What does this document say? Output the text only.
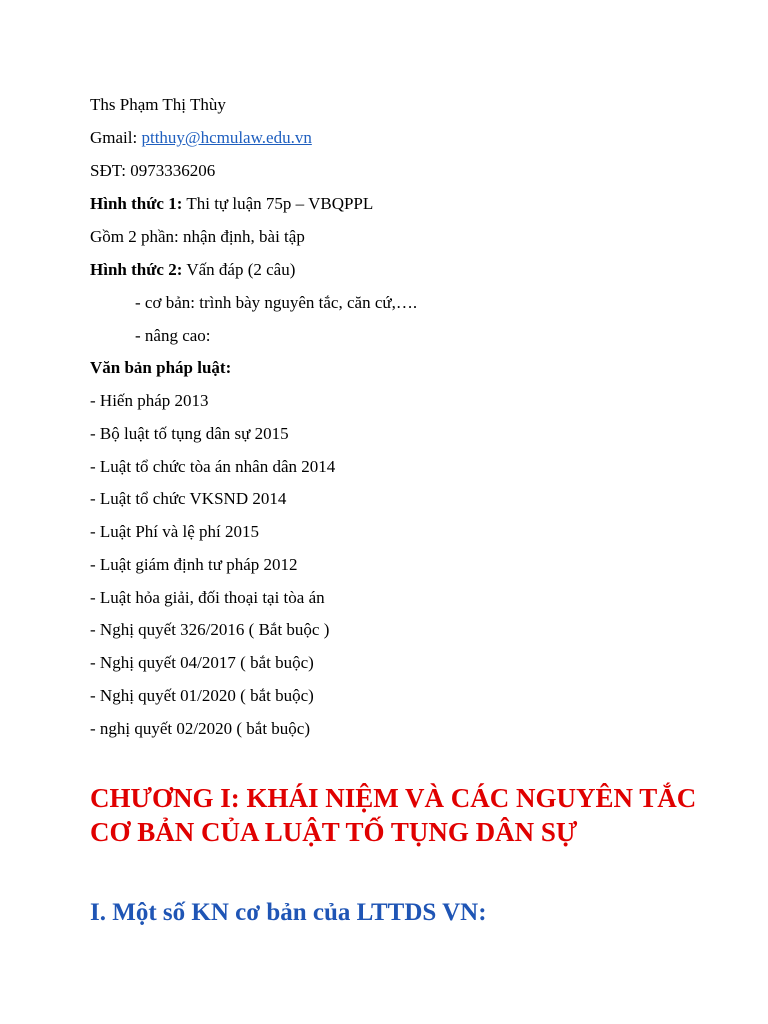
Ths Phạm Thị Thùy
Gmail: ptthuy@hcmulaw.edu.vn
SĐT: 0973336206
Hình thức 1: Thi tự luận 75p – VBQPPL
Gồm 2 phần: nhận định, bài tập
Hình thức 2: Vấn đáp (2 câu)
- cơ bản: trình bày nguyên tắc, căn cứ,….
- nâng cao:
Văn bản pháp luật:
- Hiến pháp 2013
- Bộ luật tố tụng dân sự 2015
- Luật tổ chức tòa án nhân dân 2014
- Luật tổ chức VKSND 2014
- Luật Phí và lệ phí 2015
- Luật giám định tư pháp 2012
- Luật hỏa giải, đối thoại tại tòa án
- Nghị quyết 326/2016 ( Bắt buộc )
- Nghị quyết 04/2017 ( bắt buộc)
- Nghị quyết 01/2020 ( bắt buộc)
- nghị quyết 02/2020 ( bắt buộc)
CHƯƠNG I: KHÁI NIỆM VÀ CÁC NGUYÊN TẮC CƠ BẢN CỦA LUẬT TỐ TỤNG DÂN SỰ
I. Một số KN cơ bản của LTTDS VN:
